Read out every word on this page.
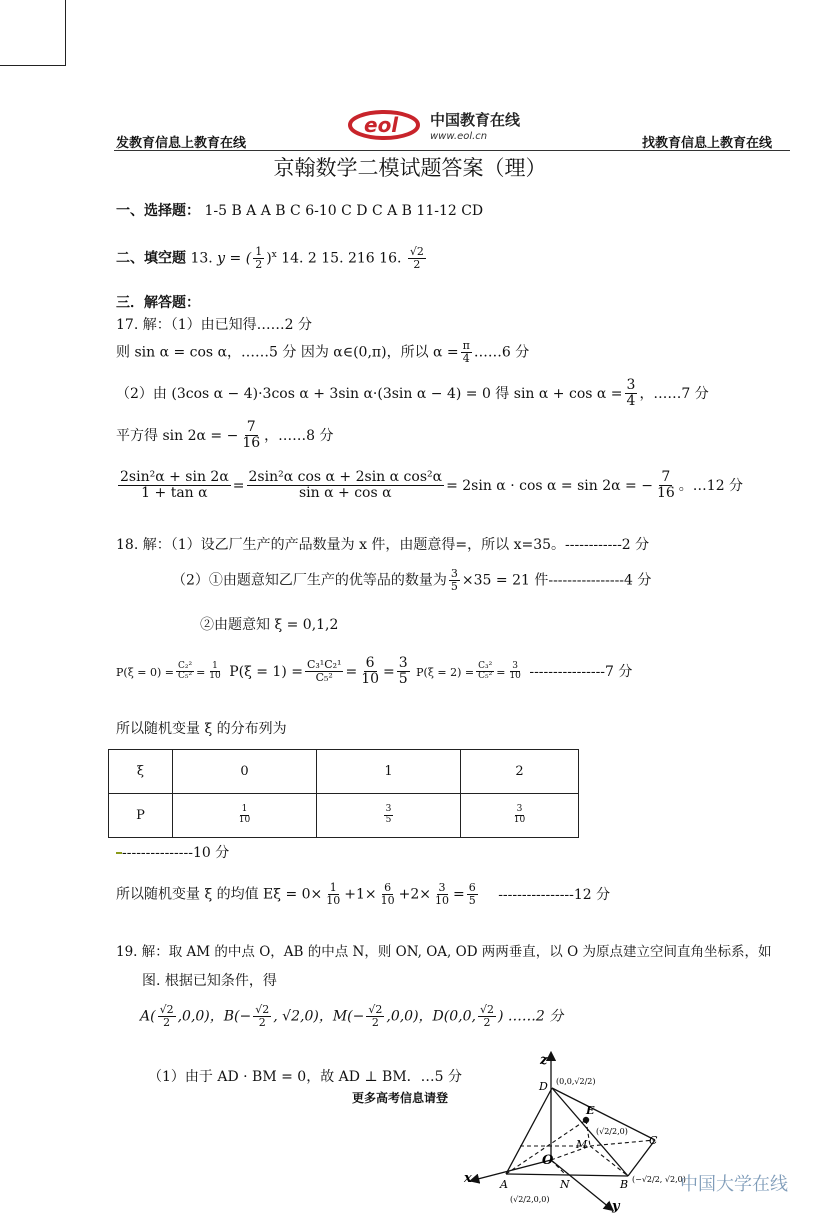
发教育信息上教育在线	找教育信息上教育在线
eol 中国教育在线
www.eol.cn
京翰数学二模试题答案（理）
一、选择题： 1-5 B A A B C 6-10 C D C A B 11-12 CD
二、填空题 13. y = ( $\frac{1}{2} )^x$ 14. 2 15. 216 16. $\frac{√2}{2}$
三．解答题：
17. 解：（1）由已知得……2 分
则 sin α = cos α，……5 分 因为 α∈(0,π)，所以 $\alpha = \frac{\pi}{4}$ ……6 分
（2）由 (3cos α − 4)·3cos α + 3sin α·(3sin α − 4) = 0 得 $\sin \alpha + \cos \alpha = \frac{3}{4}$ ，……7 分
平方得 sin 2α = − $\frac{7}{16}$ ，……8 分
$\frac{\text{2sin²α + sin 2α}}{\text{1 + tan α}} = \frac{\text{2sin²α cos α + 2sin α cos²α}}{\text{sin α + cos α}} = 2\sin$ α · cos α = sin 2α = − $\frac{7}{16}$ 。…12 分
18. 解：（1）设乙厂生产的产品数量为 x 件，由题意得=，所以 x=35。------------2 分
（2）①由题意知乙厂生产的优等品的数量为 $\frac{3}{5} \times 35 = 21$ 件----------------4 分
②由题意知 ξ = 0,1,2
$P(\xi = 0) = \frac{\text{C₂²}}{\text{C₅²}} = \frac{1}{10} P(\xi = 1) = \frac{\text{C₃¹C₂¹}}{\text{C₅²}} = \frac{6}{10} = \frac{3}{5} P(\xi = 2) = \frac{\text{C₃²}}{\text{C₅²}} = \frac{3}{10} ----------------7$ 分
所以随机变量 ξ 的分布列为
ξ	0	1	2
P	$\frac{1}{10}$	$\frac{3}{5}$	$\frac{3}{10}$
---------------10 分
所以随机变量 ξ 的均值 $E\xi = 0\times \frac{1}{10} +1\times \frac{6}{10} +2\times \frac{3}{10} = \frac{6}{5} ----------------12$ 分
19. 解：取 AM 的中点 O，AB 的中点 N，则 ON, OA, OD 两两垂直，以 O 为原点建立空间直角坐标系，如
图. 根据已知条件，得
$A( \frac{√2}{2} ,0,0)$，$B(- \frac{√2}{2}$ , √2,0)，$M(- \frac{√2}{2} ,0,0)$，D(0,0, $\frac{√2}{2}$ ) ……2 分
（1）由于 AD · BM = 0，故 AD ⊥ BM．…5 分
更多高考信息请登
z
x
y
D
E
M
O
C
B
A	N
(0,0,√2/2)
(√2/2,0)
(−√2/2, √2,0)
(√2/2,0,0)
中国大学在线
